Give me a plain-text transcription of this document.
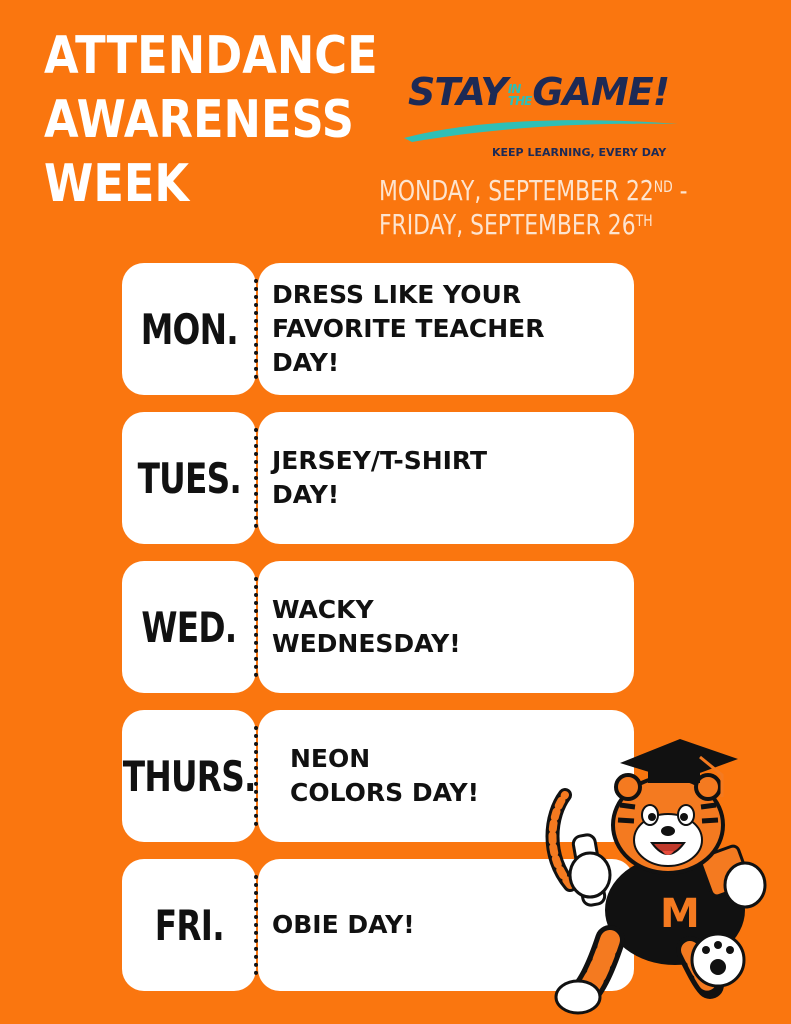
ATTENDANCE
AWARENESS
WEEK
STAYIN
THEGAME!
KEEP LEARNING, EVERY DAY
MONDAY, SEPTEMBER 22ND -
FRIDAY, SEPTEMBER 26TH
MON.
DRESS LIKE YOUR
FAVORITE TEACHER
DAY!
TUES. JERSEY/T-SHIRT
DAY!
WED. WACKY
WEDNESDAY!
THURS. NEON
COLORS DAY!
FRI. OBIE DAY!	M
